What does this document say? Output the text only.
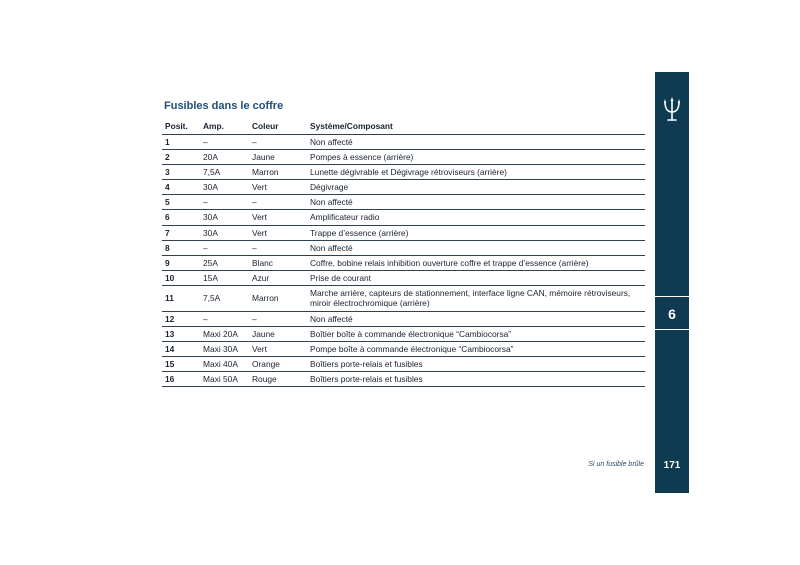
Fusibles dans le coffre
Posit.	Amp.	Coleur	Système/Composant
1	–	–	Non affecté
2	20A	Jaune	Pompes à essence (arrière)
3	7,5A	Marron	Lunette dégivrable et Dégivrage rétroviseurs (arrière)
4	30A	Vert	Dégivrage
5	–	–	Non affecté
6	30A	Vert	Amplificateur radio
7	30A	Vert	Trappe d’essence (arrière)
8	–	–	Non affecté
9	25A	Blanc	Coffre, bobine relais inhibition ouverture coffre et trappe d’essence (arrière)
10	15A	Azur	Prise de courant
11	7,5A	Marron	Marche arrière, capteurs de stationnement, interface ligne CAN, mémoire rétroviseurs, miroir électrochromique (arrière)
12	–	–	Non affecté
13	Maxi 20A	Jaune	Boîtier boîte à commande électronique “Cambiocorsa”
14	Maxi 30A	Vert	Pompe boîte à commande électronique “Cambiocorsa”
15	Maxi 40A	Orange	Boîtiers porte-relais et fusibles
16	Maxi 50A	Rouge	Boîtiers porte-relais et fusibles
Si un fusible brûle
6
171
